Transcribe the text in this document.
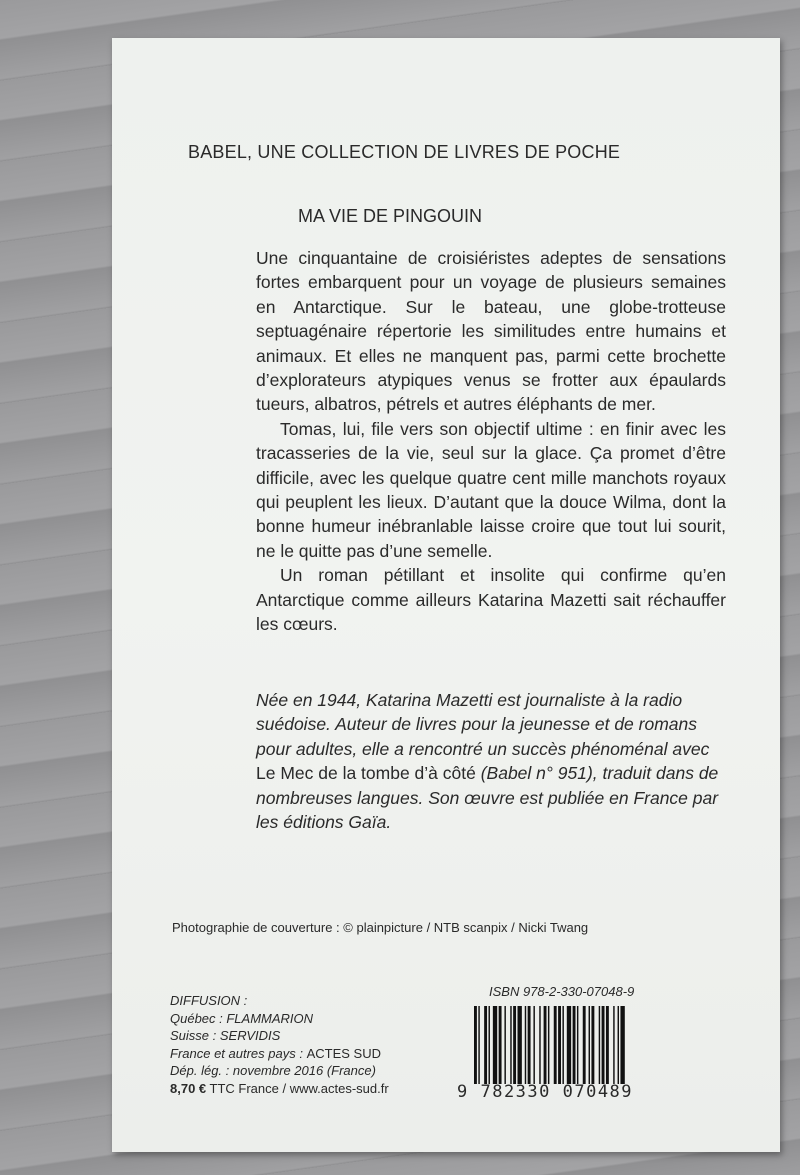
BABEL, UNE COLLECTION DE LIVRES DE POCHE
MA VIE DE PINGOUIN

Une cinquantaine de croisiéristes adeptes de sensations fortes embarquent pour un voyage de plusieurs semaines en Antarctique. Sur le bateau, une globe-trotteuse septuagénaire répertorie les similitudes entre humains et animaux. Et elles ne manquent pas, parmi cette brochette d’explorateurs atypiques venus se frotter aux épaulards tueurs, albatros, pétrels et autres éléphants de mer.

Tomas, lui, file vers son objectif ultime : en finir avec les tracasseries de la vie, seul sur la glace. Ça promet d’être difficile, avec les quelque quatre cent mille manchots royaux qui peuplent les lieux. D’autant que la douce Wilma, dont la bonne humeur inébranlable laisse croire que tout lui sourit, ne le quitte pas d’une semelle.

Un roman pétillant et insolite qui confirme qu’en Antarctique comme ailleurs Katarina Mazetti sait réchauffer les cœurs.

Née en 1944, Katarina Mazetti est journaliste à la radio suédoise. Auteur de livres pour la jeunesse et de romans pour adultes, elle a rencontré un succès phénoménal avec Le Mec de la tombe d’à côté (Babel n° 951), traduit dans de nombreuses langues. Son œuvre est publiée en France par les éditions Gaïa.
Photographie de couverture : © plainpicture / NTB scanpix / Nicki Twang
ISBN 978-2-330-07048-9
9 782330 070489
DIFFUSION :
Québec : FLAMMARION
Suisse : SERVIDIS
France et autres pays : ACTES SUD
Dép. lég. : novembre 2016 (France)
8,70 € TTC France / www.actes-sud.fr
